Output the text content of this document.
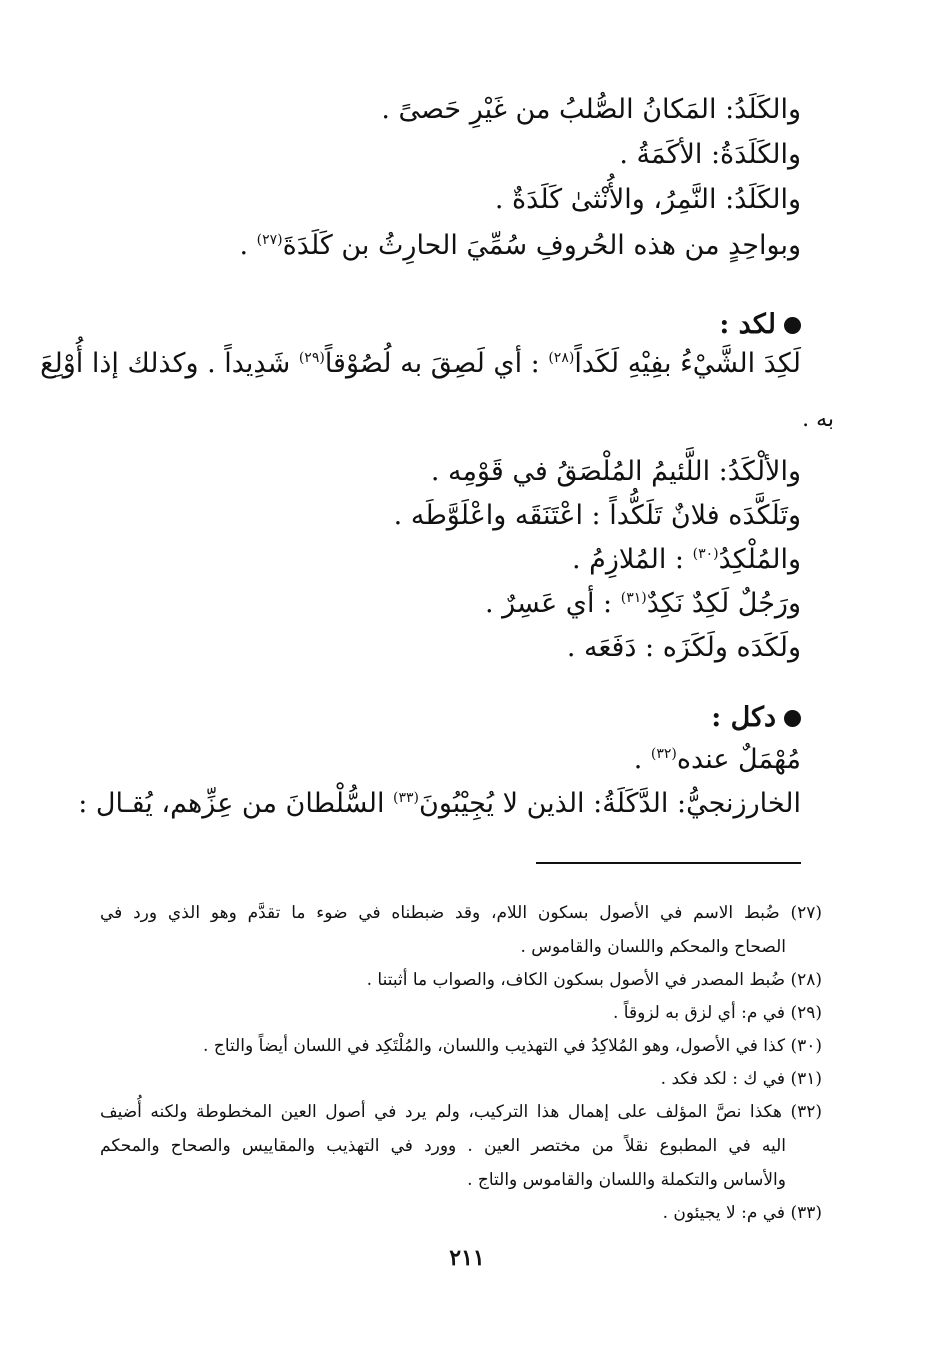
والكَلَدُ: المَكانُ الصُّلبُ من غَيْرِ حَصىً .
والكَلَدَةُ: الأكَمَةُ .
والكَلَدُ: النَّمِرُ، والأُنْثىٰ كَلَدَةٌ .
وبواحِدٍ من هذه الحُروفِ سُمِّيَ الحارِثُ بن كَلَدَةَ$^{(٢٧)}$ .
لكد :
لَكِدَ الشَّيْءُ بفِيْهِ لَكَداً$^{(٢٨)}$ : أي لَصِقَ به لُصُوْقاً$^{(٢٩)}$ شَدِيداً . وكذلك إذا أُوْلِعَ
به .
والألْكَدُ: اللَّئيمُ المُلْصَقُ في قَوْمِه .
وتَلَكَّدَه فلانٌ تَلَكُّداً : اعْتَنَقَه واعْلَوَّطَه .
والمُلْكِدُ$^{(٣٠)}$ : المُلازِمُ .
ورَجُلٌ لَكِدٌ نَكِدٌ$^{(٣١)}$ : أي عَسِرٌ .
ولَكَدَه ولَكَزَه : دَفَعَه .
دكل :
مُهْمَلٌ عنده$^{(٣٢)}$ .
الخارزنجيُّ: الدَّكَلَةُ: الذين لا يُجِيْبُونَ$^{(٣٣)}$ السُّلْطانَ من عِزِّهم، يُقـال :
(٢٧) ضُبط الاسم في الأصول بسكون اللام، وقد ضبطناه في ضوء ما تقدَّم وهو الذي ورد في
الصحاح والمحكم واللسان والقاموس .
(٢٨) ضُبط المصدر في الأصول بسكون الكاف، والصواب ما أثبتنا .
(٢٩) في م: أي لزق به لزوقاً .
(٣٠) كذا في الأصول، وهو المُلاكِدُ في التهذيب واللسان، والمُلْتَكِد في اللسان أيضاً والتاج .
(٣١) في ك : لكد فكد .
(٣٢) هكذا نصَّ المؤلف على إهمال هذا التركيب، ولم يرد في أصول العين المخطوطة ولكنه أُضيف
اليه في المطبوع نقلاً من مختصر العين . وورد في التهذيب والمقاييس والصحاح والمحكم
والأساس والتكملة واللسان والقاموس والتاج .
(٣٣) في م: لا يجيئون .
٢١١
